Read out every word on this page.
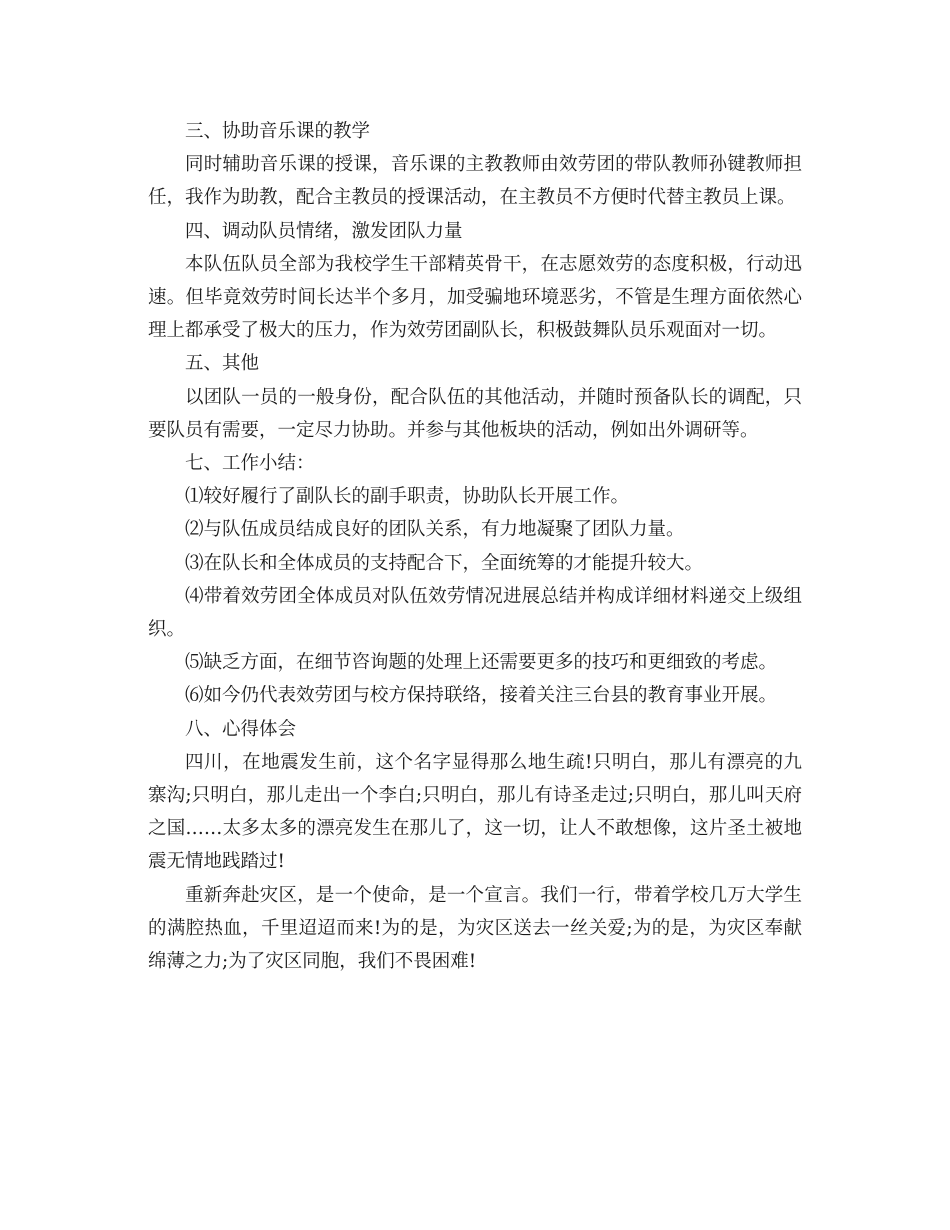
三、协助音乐课的教学

同时辅助音乐课的授课，音乐课的主教教师由效劳团的带队教师孙键教师担任，我作为助教，配合主教员的授课活动，在主教员不方便时代替主教员上课。

四、调动队员情绪，激发团队力量

本队伍队员全部为我校学生干部精英骨干，在志愿效劳的态度积极，行动迅速。但毕竟效劳时间长达半个多月，加受骗地环境恶劣，不管是生理方面依然心理上都承受了极大的压力，作为效劳团副队长，积极鼓舞队员乐观面对一切。

五、其他

以团队一员的一般身份，配合队伍的其他活动，并随时预备队长的调配，只要队员有需要，一定尽力协助。并参与其他板块的活动，例如出外调研等。

七、工作小结：

⑴较好履行了副队长的副手职责，协助队长开展工作。

⑵与队伍成员结成良好的团队关系，有力地凝聚了团队力量。

⑶在队长和全体成员的支持配合下，全面统筹的才能提升较大。

⑷带着效劳团全体成员对队伍效劳情况进展总结并构成详细材料递交上级组织。

⑸缺乏方面，在细节咨询题的处理上还需要更多的技巧和更细致的考虑。

⑹如今仍代表效劳团与校方保持联络，接着关注三台县的教育事业开展。

八、心得体会

四川，在地震发生前，这个名字显得那么地生疏!只明白，那儿有漂亮的九寨沟;只明白，那儿走出一个李白;只明白，那儿有诗圣走过;只明白，那儿叫天府之国……太多太多的漂亮发生在那儿了，这一切，让人不敢想像，这片圣土被地震无情地践踏过!

重新奔赴灾区，是一个使命，是一个宣言。我们一行，带着学校几万大学生的满腔热血，千里迢迢而来!为的是，为灾区送去一丝关爱;为的是，为灾区奉献绵薄之力;为了灾区同胞，我们不畏困难!
